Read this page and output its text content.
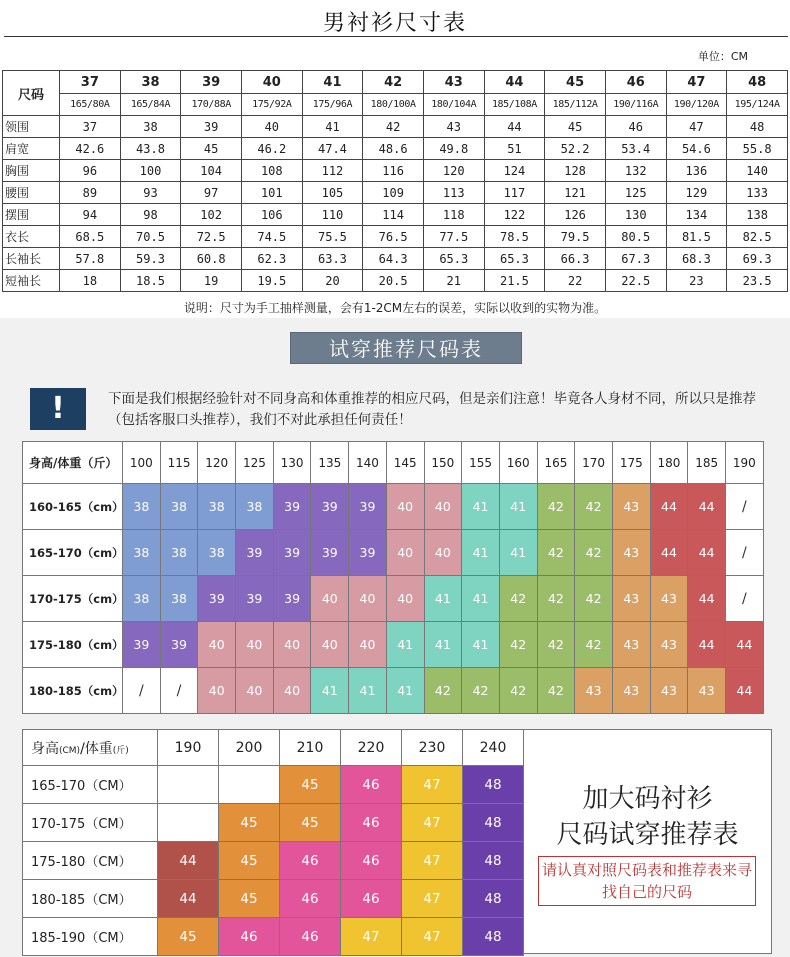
男衬衫尺寸表
单位：CM
尺码	37	38	39	40	41	42	43	44	45	46	47	48
	165/80A	165/84A	170/88A	175/92A	175/96A	180/100A	180/104A	185/108A	185/112A	190/116A	190/120A	195/124A
领围	37	38	39	40	41	42	43	44	45	46	47	48
肩宽	42.6	43.8	45	46.2	47.4	48.6	49.8	51	52.2	53.4	54.6	55.8
胸围	96	100	104	108	112	116	120	124	128	132	136	140
腰围	89	93	97	101	105	109	113	117	121	125	129	133
摆围	94	98	102	106	110	114	118	122	126	130	134	138
衣长	68.5	70.5	72.5	74.5	75.5	76.5	77.5	78.5	79.5	80.5	81.5	82.5
长袖长	57.8	59.3	60.8	62.3	63.3	64.3	65.3	65.3	66.3	67.3	68.3	69.3
短袖长	18	18.5	19	19.5	20	20.5	21	21.5	22	22.5	23	23.5
说明：尺寸为手工抽样测量，会有1-2CM左右的误差，实际以收到的实物为准。
试穿推荐尺码表
!	下面是我们根据经验针对不同身高和体重推荐的相应尺码，但是亲们注意！毕竟各人身材不同，所以只是推荐（包括客服口头推荐），我们不对此承担任何责任！
身高/体重（斤）	100	115	120	125	130	135	140	145	150	155	160	165	170	175	180	185	190
160-165（cm）	38	38	38	38	39	39	39	40	40	41	41	42	42	43	44	44	/
165-170（cm）	38	38	38	39	39	39	39	40	40	41	41	42	42	43	44	44	/
170-175（cm）	38	38	39	39	39	40	40	40	41	41	42	42	42	43	43	44	/
175-180（cm）	39	39	40	40	40	40	40	41	41	41	42	42	42	43	43	44	44
180-185（cm）	/	/	40	40	40	41	41	41	42	42	42	42	43	43	43	43	44
身高(CM)/体重(斤)	190	200	210	220	230	240
165-170（CM）			45	46	47	48
170-175（CM）		45	45	46	47	48
175-180（CM）	44	45	46	46	47	48
180-185（CM）	44	45	46	46	47	48
185-190（CM）	45	46	46	47	47	48
加大码衬衫
尺码试穿推荐表
请认真对照尺码表和推荐表来寻找自己的尺码
